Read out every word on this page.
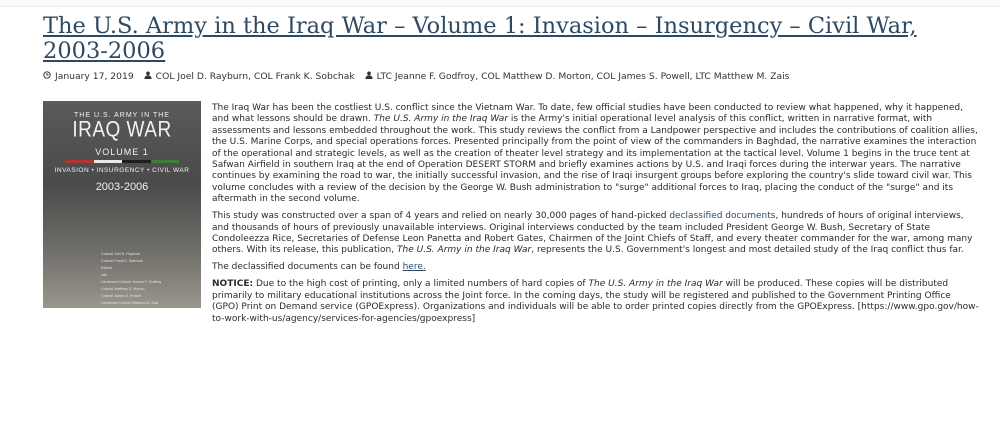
The U.S. Army in the Iraq War – Volume 1: Invasion – Insurgency – Civil War, 2003-2006
January 17, 2019 COL Joel D. Rayburn, COL Frank K. Sobchak LTC Jeanne F. Godfroy, COL Matthew D. Morton, COL James S. Powell, LTC Matthew M. Zais
THE U.S. ARMY IN THE
IRAQ WAR
VOLUME 1
INVASION • INSURGENCY • CIVIL WAR
2003-2006
Colonel Joel D. Rayburn
Colonel Frank K. Sobchak
Editors
with
Lieutenant Colonel Jeanne F. Godfroy
Colonel Matthew D. Morton
Colonel James S. Powell
Lieutenant Colonel Matthew M. Zais

The Iraq War has been the costliest U.S. conflict since the Vietnam War. To date, few official studies have been conducted to review what happened, why it happened, and what lessons should be drawn. The U.S. Army in the Iraq War is the Army's initial operational level analysis of this conflict, written in narrative format, with assessments and lessons embedded throughout the work. This study reviews the conflict from a Landpower perspective and includes the contributions of coalition allies, the U.S. Marine Corps, and special operations forces. Presented principally from the point of view of the commanders in Baghdad, the narrative examines the interaction of the operational and strategic levels, as well as the creation of theater level strategy and its implementation at the tactical level. Volume 1 begins in the truce tent at Safwan Airfield in southern Iraq at the end of Operation DESERT STORM and briefly examines actions by U.S. and Iraqi forces during the interwar years. The narrative continues by examining the road to war, the initially successful invasion, and the rise of Iraqi insurgent groups before exploring the country's slide toward civil war. This volume concludes with a review of the decision by the George W. Bush administration to "surge" additional forces to Iraq, placing the conduct of the "surge" and its aftermath in the second volume.

This study was constructed over a span of 4 years and relied on nearly 30,000 pages of hand-picked declassified documents, hundreds of hours of original interviews, and thousands of hours of previously unavailable interviews. Original interviews conducted by the team included President George W. Bush, Secretary of State Condoleezza Rice, Secretaries of Defense Leon Panetta and Robert Gates, Chairmen of the Joint Chiefs of Staff, and every theater commander for the war, among many others. With its release, this publication, The U.S. Army in the Iraq War, represents the U.S. Government's longest and most detailed study of the Iraq conflict thus far.

The declassified documents can be found here.

NOTICE: Due to the high cost of printing, only a limited numbers of hard copies of The U.S. Army in the Iraq War will be produced. These copies will be distributed primarily to military educational institutions across the Joint force. In the coming days, the study will be registered and published to the Government Printing Office (GPO) Print on Demand service (GPOExpress). Organizations and individuals will be able to order printed copies directly from the GPOExpress. [https://www.gpo.gov/how-to-work-with-us/agency/services-for-agencies/gpoexpress]
